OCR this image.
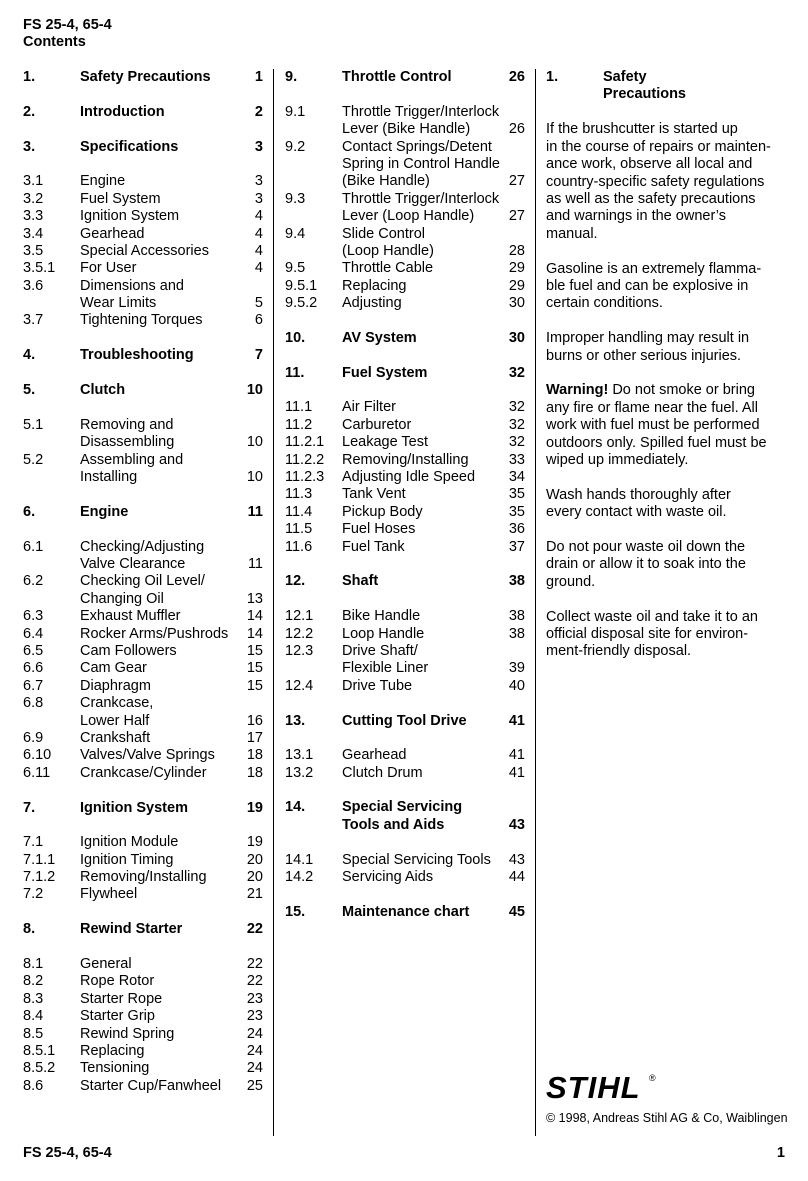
FS 25-4, 65-4
Contents
1.	Safety Precautions	1
2.	Introduction	2
3.	Specifications	3
3.1	Engine	3
3.2	Fuel System	3
3.3	Ignition System	4
3.4	Gearhead	4
3.5	Special Accessories	4
3.5.1 For User	4
3.6	Dimensions and
Wear Limits	5
3.7	Tightening Torques	6
4.	Troubleshooting	7
5.	Clutch	10
5.1	Removing and
Disassembling	10
5.2	Assembling and
Installing	10
6.	Engine	11
6.1	Checking/Adjusting
Valve Clearance	11
6.2	Checking Oil Level/
Changing Oil	13
6.3	Exhaust Muffler	14
6.4	Rocker Arms/Pushrods 14
6.5	Cam Followers	15
6.6	Cam Gear	15
6.7	Diaphragm	15
6.8	Crankcase,
Lower Half	16
6.9	Crankshaft	17
6.10 Valves/Valve Springs 18
6.11 Crankcase/Cylinder	18
7.	Ignition System	19
7.1	Ignition Module	19
7.1.1 Ignition Timing	20
7.1.2 Removing/Installing	20
7.2	Flywheel	21
8.	Rewind Starter	22
8.1	General	22
8.2	Rope Rotor	22
8.3	Starter Rope	23
8.4	Starter Grip	23
8.5	Rewind Spring	24
8.5.1 Replacing	24
8.5.2 Tensioning	24
8.6	Starter Cup/Fanwheel 25
9.	Throttle Control	26
9.1	Throttle Trigger/Interlock
Lever (Bike Handle)	26
9.2	Contact Springs/Detent
Spring in Control Handle
(Bike Handle)	27
9.3	Throttle Trigger/Interlock
Lever (Loop Handle)	27
9.4	Slide Control
(Loop Handle)	28
9.5	Throttle Cable	29
9.5.1 Replacing	29
9.5.2 Adjusting	30
10.	AV System	30
11.	Fuel System	32
11.1 Air Filter	32
11.2 Carburetor	32
11.2.1 Leakage Test	32
11.2.2 Removing/Installing	33
11.2.3 Adjusting Idle Speed 34
11.3 Tank Vent	35
11.4 Pickup Body	35
11.5 Fuel Hoses	36
11.6 Fuel Tank	37
12.	Shaft	38
12.1 Bike Handle	38
12.2 Loop Handle	38
12.3 Drive Shaft/
Flexible Liner	39
12.4 Drive Tube	40
13.	Cutting Tool Drive	41
13.1 Gearhead	41
13.2 Clutch Drum	41
14.	Special Servicing
Tools and Aids	43
14.1 Special Servicing Tools 43
14.2 Servicing Aids	44
15.	Maintenance chart	45
1.	Safety
Precautions
If the brushcutter is started up
in the course of repairs or mainten-
ance work, observe all local and
country-specific safety regulations
as well as the safety precautions
and warnings in the owner’s
manual.
Gasoline is an extremely flamma-
ble fuel and can be explosive in
certain conditions.
Improper handling may result in
burns or other serious injuries.
Warning! Do not smoke or bring
any fire or flame near the fuel. All
work with fuel must be performed
outdoors only. Spilled fuel must be
wiped up immediately.
Wash hands thoroughly after
every contact with waste oil.
Do not pour waste oil down the
drain or allow it to soak into the
ground.
Collect waste oil and take it to an
official disposal site for environ-
ment-friendly disposal.
STIHL ®
© 1998, Andreas Stihl AG & Co, Waiblingen
FS 25-4, 65-4	1
